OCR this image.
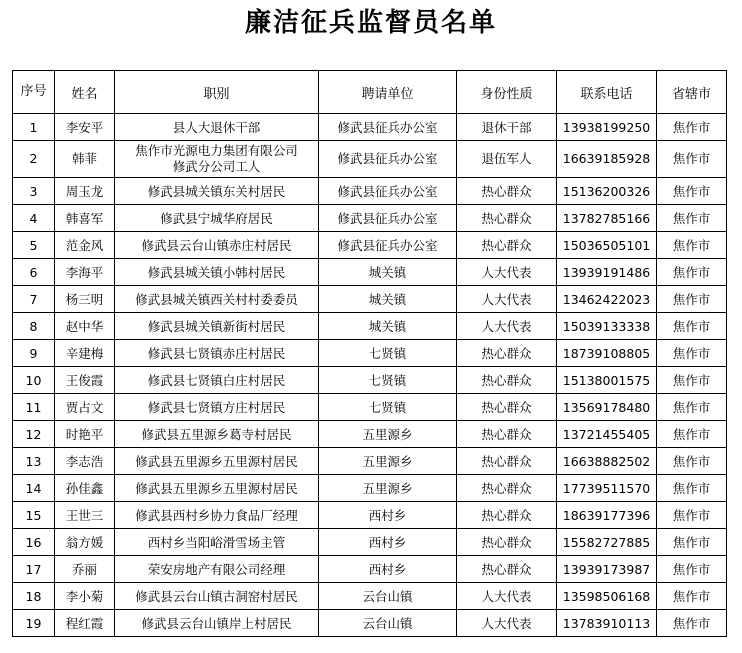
廉洁征兵监督员名单
序号	姓名	职别	聘请单位	身份性质	联系电话	省辖市
1	李安平	县人大退休干部	修武县征兵办公室	退休干部	13938199250	焦作市
2	韩菲	焦作市光源电力集团有限公司
修武分公司工人	修武县征兵办公室	退伍军人	16639185928	焦作市
3	周玉龙	修武县城关镇东关村居民	修武县征兵办公室	热心群众	15136200326	焦作市
4	韩喜军	修武县宁城华府居民	修武县征兵办公室	热心群众	13782785166	焦作市
5	范金风	修武县云台山镇赤庄村居民	修武县征兵办公室	热心群众	15036505101	焦作市
6	李海平	修武县城关镇小韩村居民	城关镇	人大代表	13939191486	焦作市
7	杨三明	修武县城关镇西关村村委委员	城关镇	人大代表	13462422023	焦作市
8	赵中华	修武县城关镇新街村居民	城关镇	人大代表	15039133338	焦作市
9	辛建梅	修武县七贤镇赤庄村居民	七贤镇	热心群众	18739108805	焦作市
10	王俊霞	修武县七贤镇白庄村居民	七贤镇	热心群众	15138001575	焦作市
11	贾占文	修武县七贤镇方庄村居民	七贤镇	热心群众	13569178480	焦作市
12	时艳平	修武县五里源乡葛寺村居民	五里源乡	热心群众	13721455405	焦作市
13	李志浩	修武县五里源乡五里源村居民	五里源乡	热心群众	16638882502	焦作市
14	孙佳鑫	修武县五里源乡五里源村居民	五里源乡	热心群众	17739511570	焦作市
15	王世三	修武县西村乡协力食品厂经理	西村乡	热心群众	18639177396	焦作市
16	翁方媛	西村乡当阳峪滑雪场主管	西村乡	热心群众	15582727885	焦作市
17	乔丽	荣安房地产有限公司经理	西村乡	热心群众	13939173987	焦作市
18	李小菊	修武县云台山镇古洞窑村居民	云台山镇	人大代表	13598506168	焦作市
19	程红霞	修武县云台山镇岸上村居民	云台山镇	人大代表	13783910113	焦作市
